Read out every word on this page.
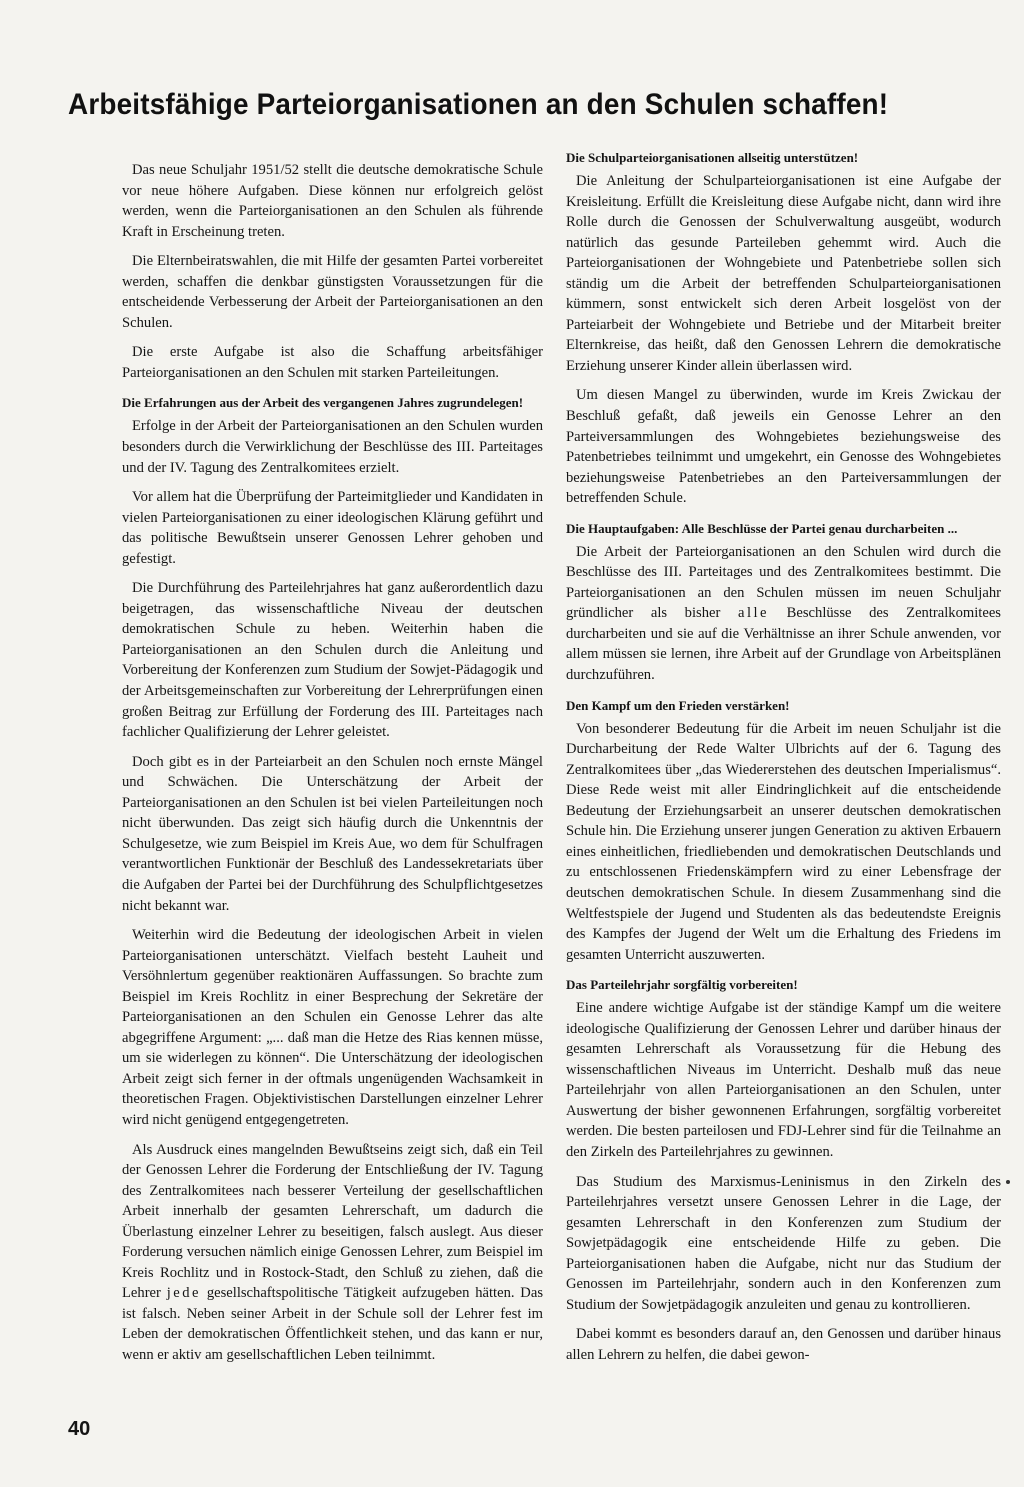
Arbeitsfähige Parteiorganisationen an den Schulen schaffen!

Das neue Schuljahr 1951/52 stellt die deutsche demokratische Schule vor neue höhere Aufgaben. Diese können nur erfolgreich gelöst werden, wenn die Parteiorganisationen an den Schulen als führende Kraft in Erscheinung treten.

Die Elternbeiratswahlen, die mit Hilfe der gesamten Partei vorbereitet werden, schaffen die denkbar günstigsten Voraussetzungen für die entscheidende Verbesserung der Arbeit der Parteiorganisationen an den Schulen.

Die erste Aufgabe ist also die Schaffung arbeitsfähiger Parteiorganisationen an den Schulen mit starken Parteileitungen.

Die Erfahrungen aus der Arbeit des vergangenen Jahres zugrundelegen!

Erfolge in der Arbeit der Parteiorganisationen an den Schulen wurden besonders durch die Verwirklichung der Beschlüsse des III. Parteitages und der IV. Tagung des Zentralkomitees erzielt.

Vor allem hat die Überprüfung der Parteimitglieder und Kandidaten in vielen Parteiorganisationen zu einer ideologischen Klärung geführt und das politische Bewußtsein unserer Genossen Lehrer gehoben und gefestigt.

Die Durchführung des Parteilehrjahres hat ganz außerordentlich dazu beigetragen, das wissenschaftliche Niveau der deutschen demokratischen Schule zu heben. Weiterhin haben die Parteiorganisationen an den Schulen durch die Anleitung und Vorbereitung der Konferenzen zum Studium der Sowjet-Pädagogik und der Arbeitsgemeinschaften zur Vorbereitung der Lehrerprüfungen einen großen Beitrag zur Erfüllung der Forderung des III. Parteitages nach fachlicher Qualifizierung der Lehrer geleistet.

Doch gibt es in der Parteiarbeit an den Schulen noch ernste Mängel und Schwächen. Die Unterschätzung der Arbeit der Parteiorganisationen an den Schulen ist bei vielen Parteileitungen noch nicht überwunden. Das zeigt sich häufig durch die Unkenntnis der Schulgesetze, wie zum Beispiel im Kreis Aue, wo dem für Schulfragen verantwortlichen Funktionär der Beschluß des Landessekretariats über die Aufgaben der Partei bei der Durchführung des Schulpflichtgesetzes nicht bekannt war.

Weiterhin wird die Bedeutung der ideologischen Arbeit in vielen Parteiorganisationen unterschätzt. Vielfach besteht Lauheit und Versöhnlertum gegenüber reaktionären Auffassungen. So brachte zum Beispiel im Kreis Rochlitz in einer Besprechung der Sekretäre der Parteiorganisationen an den Schulen ein Genosse Lehrer das alte abgegriffene Argument: „... daß man die Hetze des Rias kennen müsse, um sie widerlegen zu können“. Die Unterschätzung der ideologischen Arbeit zeigt sich ferner in der oftmals ungenügenden Wachsamkeit in theoretischen Fragen. Objektivistischen Darstellungen einzelner Lehrer wird nicht genügend entgegengetreten.

Als Ausdruck eines mangelnden Bewußtseins zeigt sich, daß ein Teil der Genossen Lehrer die Forderung der Entschließung der IV. Tagung des Zentralkomitees nach besserer Verteilung der gesellschaftlichen Arbeit innerhalb der gesamten Lehrerschaft, um dadurch die Überlastung einzelner Lehrer zu beseitigen, falsch auslegt. Aus dieser Forderung versuchen nämlich einige Genossen Lehrer, zum Beispiel im Kreis Rochlitz und in Rostock-Stadt, den Schluß zu ziehen, daß die Lehrer jede gesellschaftspolitische Tätigkeit aufzugeben hätten. Das ist falsch. Neben seiner Arbeit in der Schule soll der Lehrer fest im Leben der demokratischen Öffentlichkeit stehen, und das kann er nur, wenn er aktiv am gesellschaftlichen Leben teilnimmt.

Die Schulparteiorganisationen allseitig unterstützen!

Die Anleitung der Schulparteiorganisationen ist eine Aufgabe der Kreisleitung. Erfüllt die Kreisleitung diese Aufgabe nicht, dann wird ihre Rolle durch die Genossen der Schulverwaltung ausgeübt, wodurch natürlich das gesunde Parteileben gehemmt wird. Auch die Parteiorganisationen der Wohngebiete und Patenbetriebe sollen sich ständig um die Arbeit der betreffenden Schulparteiorganisationen kümmern, sonst entwickelt sich deren Arbeit losgelöst von der Parteiarbeit der Wohngebiete und Betriebe und der Mitarbeit breiter Elternkreise, das heißt, daß den Genossen Lehrern die demokratische Erziehung unserer Kinder allein überlassen wird.

Um diesen Mangel zu überwinden, wurde im Kreis Zwickau der Beschluß gefaßt, daß jeweils ein Genosse Lehrer an den Parteiversammlungen des Wohngebietes beziehungsweise des Patenbetriebes teilnimmt und umgekehrt, ein Genosse des Wohngebietes beziehungsweise Patenbetriebes an den Parteiversammlungen der betreffenden Schule.

Die Hauptaufgaben: Alle Beschlüsse der Partei genau durcharbeiten ...

Die Arbeit der Parteiorganisationen an den Schulen wird durch die Beschlüsse des III. Parteitages und des Zentralkomitees bestimmt. Die Parteiorganisationen an den Schulen müssen im neuen Schuljahr gründlicher als bisher alle Beschlüsse des Zentralkomitees durcharbeiten und sie auf die Verhältnisse an ihrer Schule anwenden, vor allem müssen sie lernen, ihre Arbeit auf der Grundlage von Arbeitsplänen durchzuführen.

Den Kampf um den Frieden verstärken!

Von besonderer Bedeutung für die Arbeit im neuen Schuljahr ist die Durcharbeitung der Rede Walter Ulbrichts auf der 6. Tagung des Zentralkomitees über „das Wiedererstehen des deutschen Imperialismus“. Diese Rede weist mit aller Eindringlichkeit auf die entscheidende Bedeutung der Erziehungsarbeit an unserer deutschen demokratischen Schule hin. Die Erziehung unserer jungen Generation zu aktiven Erbauern eines einheitlichen, friedliebenden und demokratischen Deutschlands und zu entschlossenen Friedenskämpfern wird zu einer Lebensfrage der deutschen demokratischen Schule. In diesem Zusammenhang sind die Weltfestspiele der Jugend und Studenten als das bedeutendste Ereignis des Kampfes der Jugend der Welt um die Erhaltung des Friedens im gesamten Unterricht auszuwerten.

Das Parteilehrjahr sorgfältig vorbereiten!

Eine andere wichtige Aufgabe ist der ständige Kampf um die weitere ideologische Qualifizierung der Genossen Lehrer und darüber hinaus der gesamten Lehrerschaft als Voraussetzung für die Hebung des wissenschaftlichen Niveaus im Unterricht. Deshalb muß das neue Parteilehrjahr von allen Parteiorganisationen an den Schulen, unter Auswertung der bisher gewonnenen Erfahrungen, sorgfältig vorbereitet werden. Die besten parteilosen und FDJ-Lehrer sind für die Teilnahme an den Zirkeln des Parteilehrjahres zu gewinnen.

Das Studium des Marxismus-Leninismus in den Zirkeln des Parteilehrjahres versetzt unsere Genossen Lehrer in die Lage, der gesamten Lehrerschaft in den Konferenzen zum Studium der Sowjetpädagogik eine entscheidende Hilfe zu geben. Die Parteiorganisationen haben die Aufgabe, nicht nur das Studium der Genossen im Parteilehrjahr, sondern auch in den Konferenzen zum Studium der Sowjetpädagogik anzuleiten und genau zu kontrollieren.

Dabei kommt es besonders darauf an, den Genossen und darüber hinaus allen Lehrern zu helfen, die dabei gewon-

40
